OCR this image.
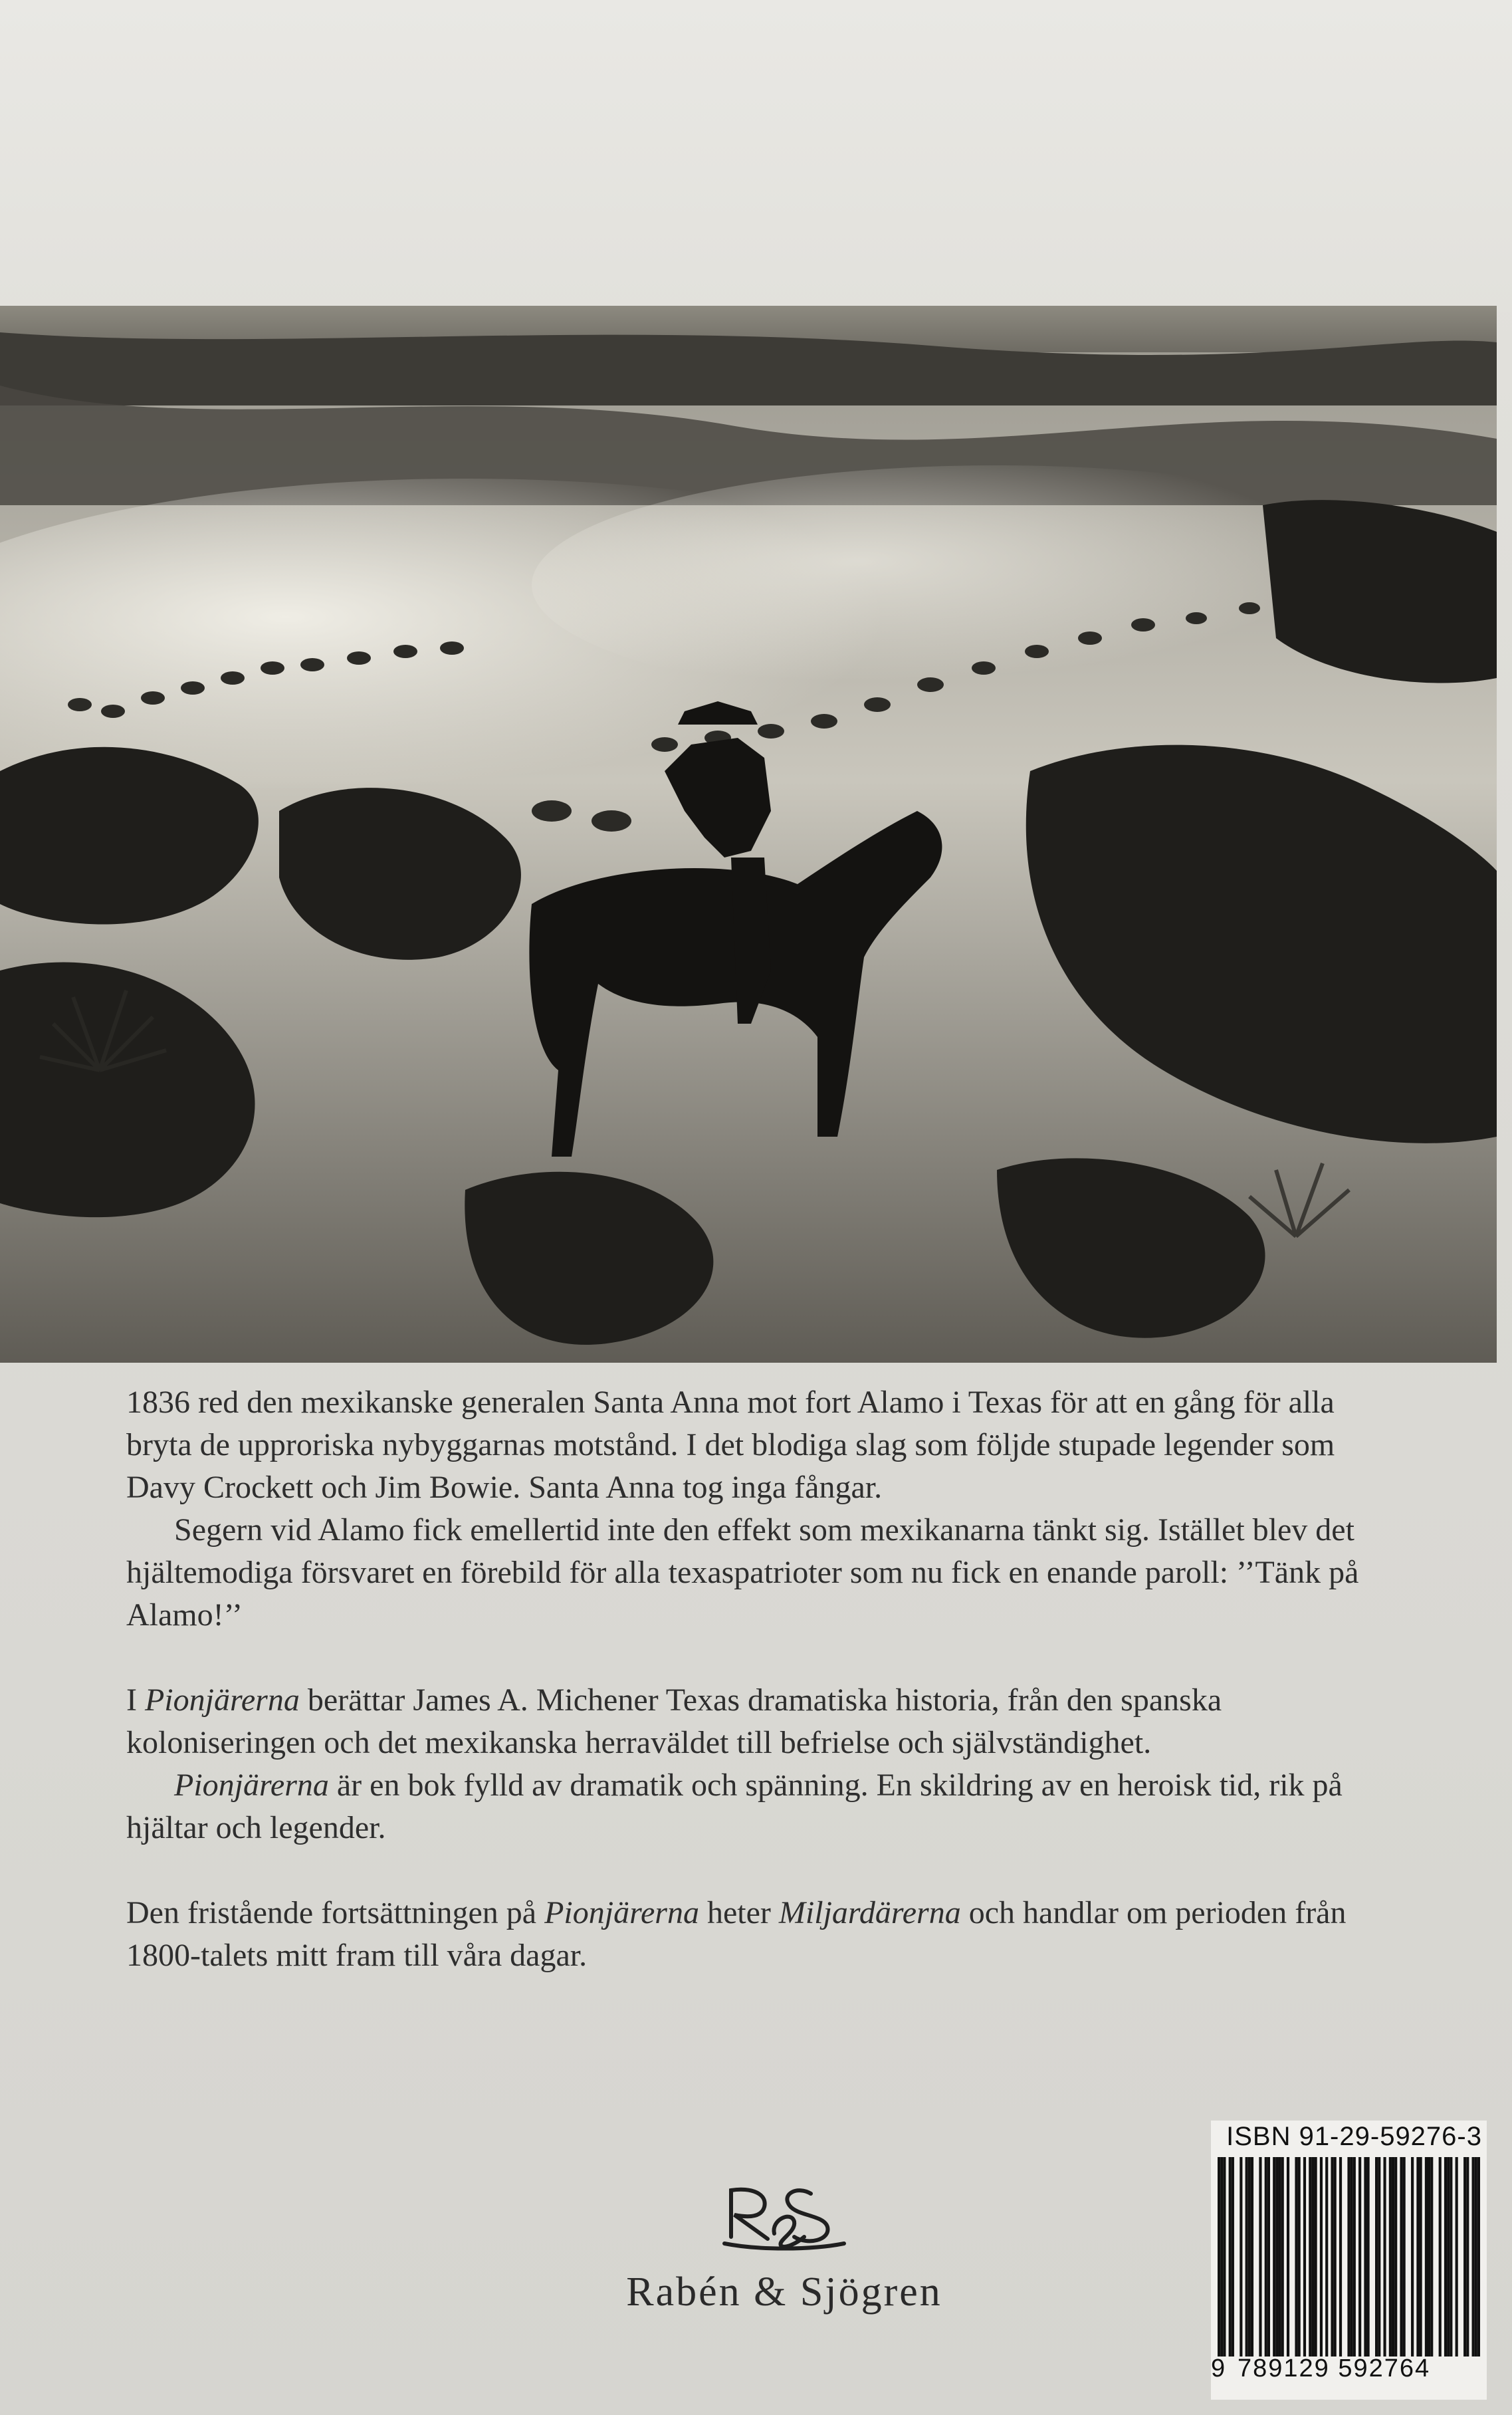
1836 red den mexikanske generalen Santa Anna mot fort Alamo i Texas för att en gång för alla bryta de upproriska nybyggarnas motstånd. I det blodiga slag som följde stupade legender som Davy Crockett och Jim Bowie. Santa Anna tog inga fångar.

Segern vid Alamo fick emellertid inte den effekt som mexikanarna tänkt sig. Istället blev det hjältemodiga försvaret en förebild för alla texaspatrioter som nu fick en enande paroll: ’’Tänk på Alamo!’’

I Pionjärerna berättar James A. Michener Texas dramatiska historia, från den spanska koloniseringen och det mexikanska herraväldet till befrielse och självständighet.

Pionjärerna är en bok fylld av dramatik och spänning. En skildring av en heroisk tid, rik på hjältar och legender.

Den fristående fortsättningen på Pionjärerna heter Miljardärerna och handlar om perioden från 1800-talets mitt fram till våra dagar.

Rabén & Sjögren
ISBN 91-29-59276-3
9 789129 592764
